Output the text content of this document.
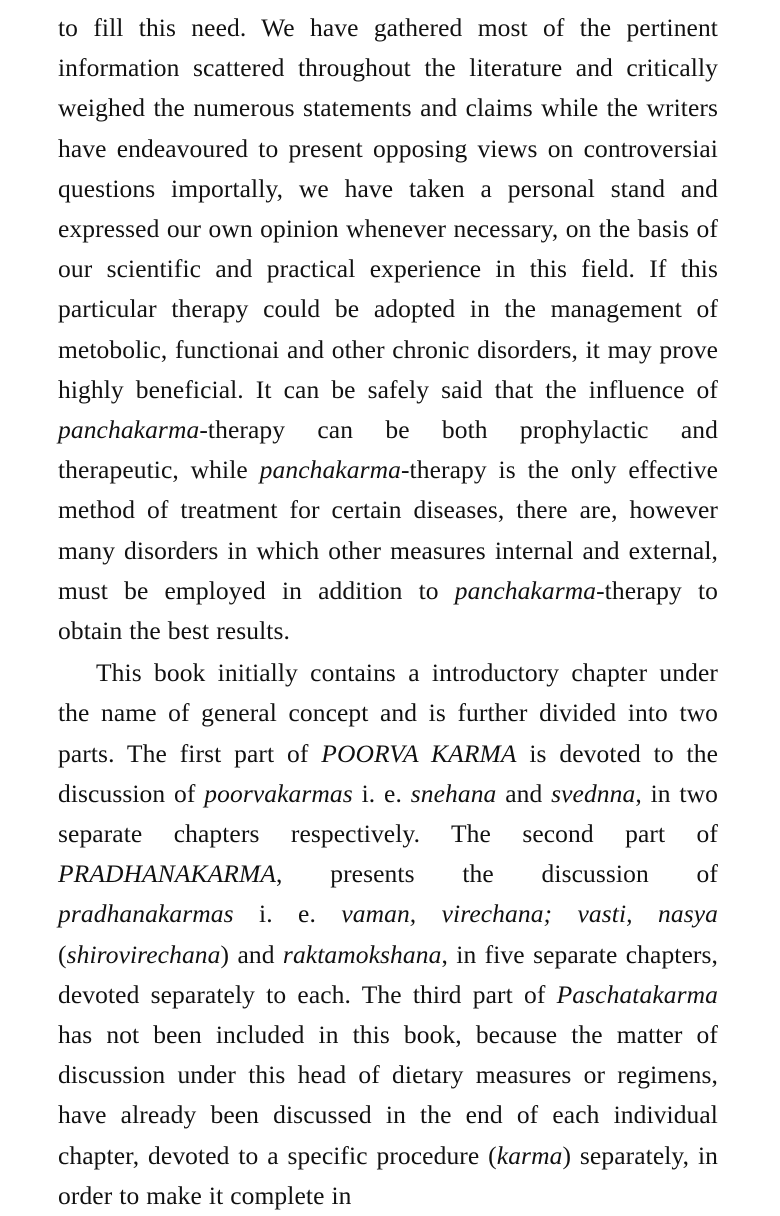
to fill this need. We have gathered most of the pertinent information scattered throughout the literature and critically weighed the numerous statements and claims while the writers have endeavoured to present opposing views on controversiai questions importally, we have taken a personal stand and expressed our own opinion whenever necessary, on the basis of our scientific and practical experience in this field. If this particular therapy could be adopted in the management of metobolic, functionai and other chronic disorders, it may prove highly beneficial. It can be safely said that the influence of panchakarma-therapy can be both prophylactic and therapeutic, while panchakarma-therapy is the only effective method of treatment for certain diseases, there are, however many disorders in which other measures internal and external, must be employed in addition to panchakarma-therapy to obtain the best results.

This book initially contains a introductory chapter under the name of general concept and is further divided into two parts. The first part of POORVA KARMA is devoted to the discussion of poorvakarmas i. e. snehana and svednna, in two separate chapters respectively. The second part of PRADHANAKARMA, presents the discussion of pradhanakarmas i. e. vaman, virechana; vasti, nasya (shirovirechana) and raktamokshana, in five separate chapters, devoted separately to each. The third part of Paschatakarma has not been included in this book, because the matter of discussion under this head of dietary measures or regimens, have already been discussed in the end of each individual chapter, devoted to a specific procedure (karma) separately, in order to make it complete in
